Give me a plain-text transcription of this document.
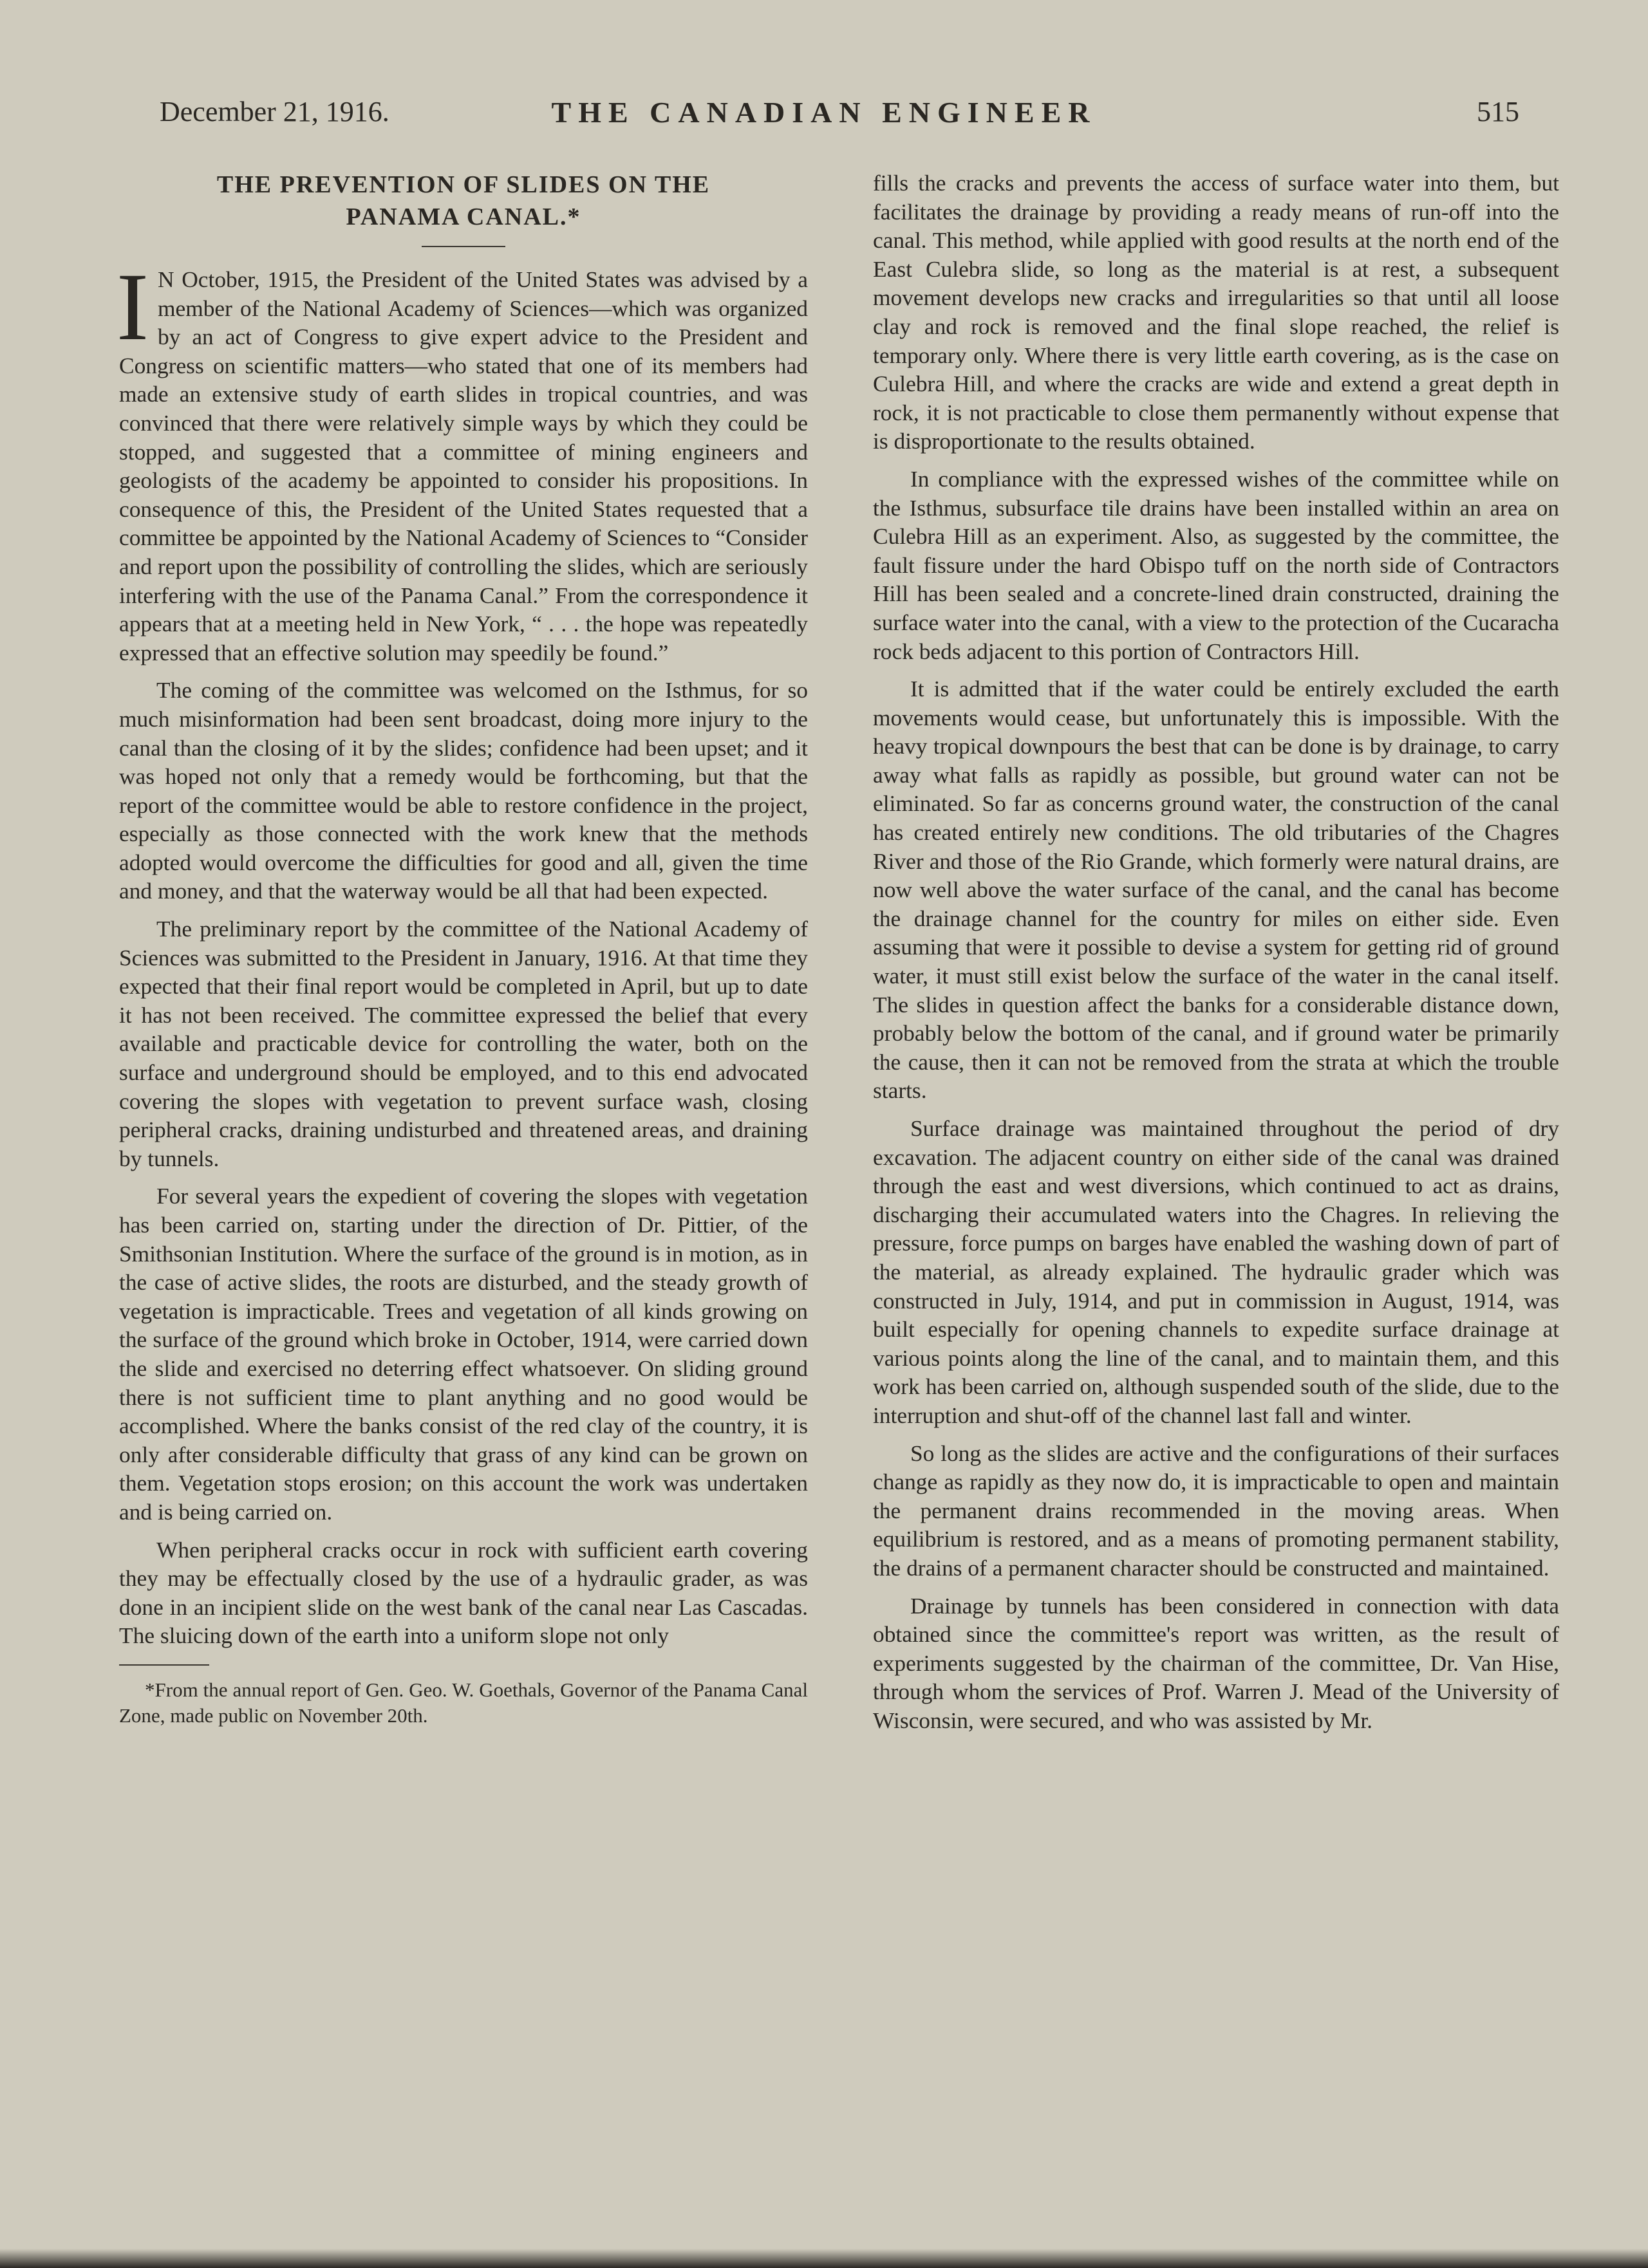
December 21, 1916.	THE CANADIAN ENGINEER	515
THE PREVENTION OF SLIDES ON THE
PANAMA CANAL.*

I N October, 1915, the President of the United States was advised by a member of the National Academy of Sciences—which was organized by an act of Congress to give expert advice to the President and Congress on scientific matters—who stated that one of its members had made an extensive study of earth slides in tropical countries, and was convinced that there were relatively simple ways by which they could be stopped, and suggested that a committee of mining engineers and geologists of the academy be appointed to consider his propositions. In consequence of this, the President of the United States requested that a committee be appointed by the National Academy of Sciences to “Consider and report upon the possibility of controlling the slides, which are seriously interfering with the use of the Panama Canal.” From the correspondence it appears that at a meeting held in New York, “ . . . the hope was repeatedly expressed that an effective solution may speedily be found.”

The coming of the committee was welcomed on the Isthmus, for so much misinformation had been sent broadcast, doing more injury to the canal than the closing of it by the slides; confidence had been upset; and it was hoped not only that a remedy would be forthcoming, but that the report of the committee would be able to restore confidence in the project, especially as those connected with the work knew that the methods adopted would overcome the difficulties for good and all, given the time and money, and that the waterway would be all that had been expected.

The preliminary report by the committee of the National Academy of Sciences was submitted to the President in January, 1916. At that time they expected that their final report would be completed in April, but up to date it has not been received. The committee expressed the belief that every available and practicable device for controlling the water, both on the surface and underground should be employed, and to this end advocated covering the slopes with vegetation to prevent surface wash, closing peripheral cracks, draining undisturbed and threatened areas, and draining by tunnels.

For several years the expedient of covering the slopes with vegetation has been carried on, starting under the direction of Dr. Pittier, of the Smithsonian Institution. Where the surface of the ground is in motion, as in the case of active slides, the roots are disturbed, and the steady growth of vegetation is impracticable. Trees and vegetation of all kinds growing on the surface of the ground which broke in October, 1914, were carried down the slide and exercised no deterring effect whatsoever. On sliding ground there is not sufficient time to plant anything and no good would be accomplished. Where the banks consist of the red clay of the country, it is only after considerable difficulty that grass of any kind can be grown on them. Vegetation stops erosion; on this account the work was undertaken and is being carried on.

When peripheral cracks occur in rock with sufficient earth covering they may be effectually closed by the use of a hydraulic grader, as was done in an incipient slide on the west bank of the canal near Las Cascadas. The sluicing down of the earth into a uniform slope not only

*From the annual report of Gen. Geo. W. Goethals, Governor of the Panama Canal Zone, made public on November 20th.

fills the cracks and prevents the access of surface water into them, but facilitates the drainage by providing a ready means of run-off into the canal. This method, while applied with good results at the north end of the East Culebra slide, so long as the material is at rest, a subsequent movement develops new cracks and irregularities so that until all loose clay and rock is removed and the final slope reached, the relief is temporary only. Where there is very little earth covering, as is the case on Culebra Hill, and where the cracks are wide and extend a great depth in rock, it is not practicable to close them permanently without expense that is disproportionate to the results obtained.

In compliance with the expressed wishes of the committee while on the Isthmus, subsurface tile drains have been installed within an area on Culebra Hill as an experiment. Also, as suggested by the committee, the fault fissure under the hard Obispo tuff on the north side of Contractors Hill has been sealed and a concrete-lined drain constructed, draining the surface water into the canal, with a view to the protection of the Cucaracha rock beds adjacent to this portion of Contractors Hill.

It is admitted that if the water could be entirely excluded the earth movements would cease, but unfortunately this is impossible. With the heavy tropical downpours the best that can be done is by drainage, to carry away what falls as rapidly as possible, but ground water can not be eliminated. So far as concerns ground water, the construction of the canal has created entirely new conditions. The old tributaries of the Chagres River and those of the Rio Grande, which formerly were natural drains, are now well above the water surface of the canal, and the canal has become the drainage channel for the country for miles on either side. Even assuming that were it possible to devise a system for getting rid of ground water, it must still exist below the surface of the water in the canal itself. The slides in question affect the banks for a considerable distance down, probably below the bottom of the canal, and if ground water be primarily the cause, then it can not be removed from the strata at which the trouble starts.

Surface drainage was maintained throughout the period of dry excavation. The adjacent country on either side of the canal was drained through the east and west diversions, which continued to act as drains, discharging their accumulated waters into the Chagres. In relieving the pressure, force pumps on barges have enabled the washing down of part of the material, as already explained. The hydraulic grader which was constructed in July, 1914, and put in commission in August, 1914, was built especially for opening channels to expedite surface drainage at various points along the line of the canal, and to maintain them, and this work has been carried on, although suspended south of the slide, due to the interruption and shut-off of the channel last fall and winter.

So long as the slides are active and the configurations of their surfaces change as rapidly as they now do, it is impracticable to open and maintain the permanent drains recommended in the moving areas. When equilibrium is restored, and as a means of promoting permanent stability, the drains of a permanent character should be constructed and maintained.

Drainage by tunnels has been considered in connection with data obtained since the committee's report was written, as the result of experiments suggested by the chairman of the committee, Dr. Van Hise, through whom the services of Prof. Warren J. Mead of the University of Wisconsin, were secured, and who was assisted by Mr.
